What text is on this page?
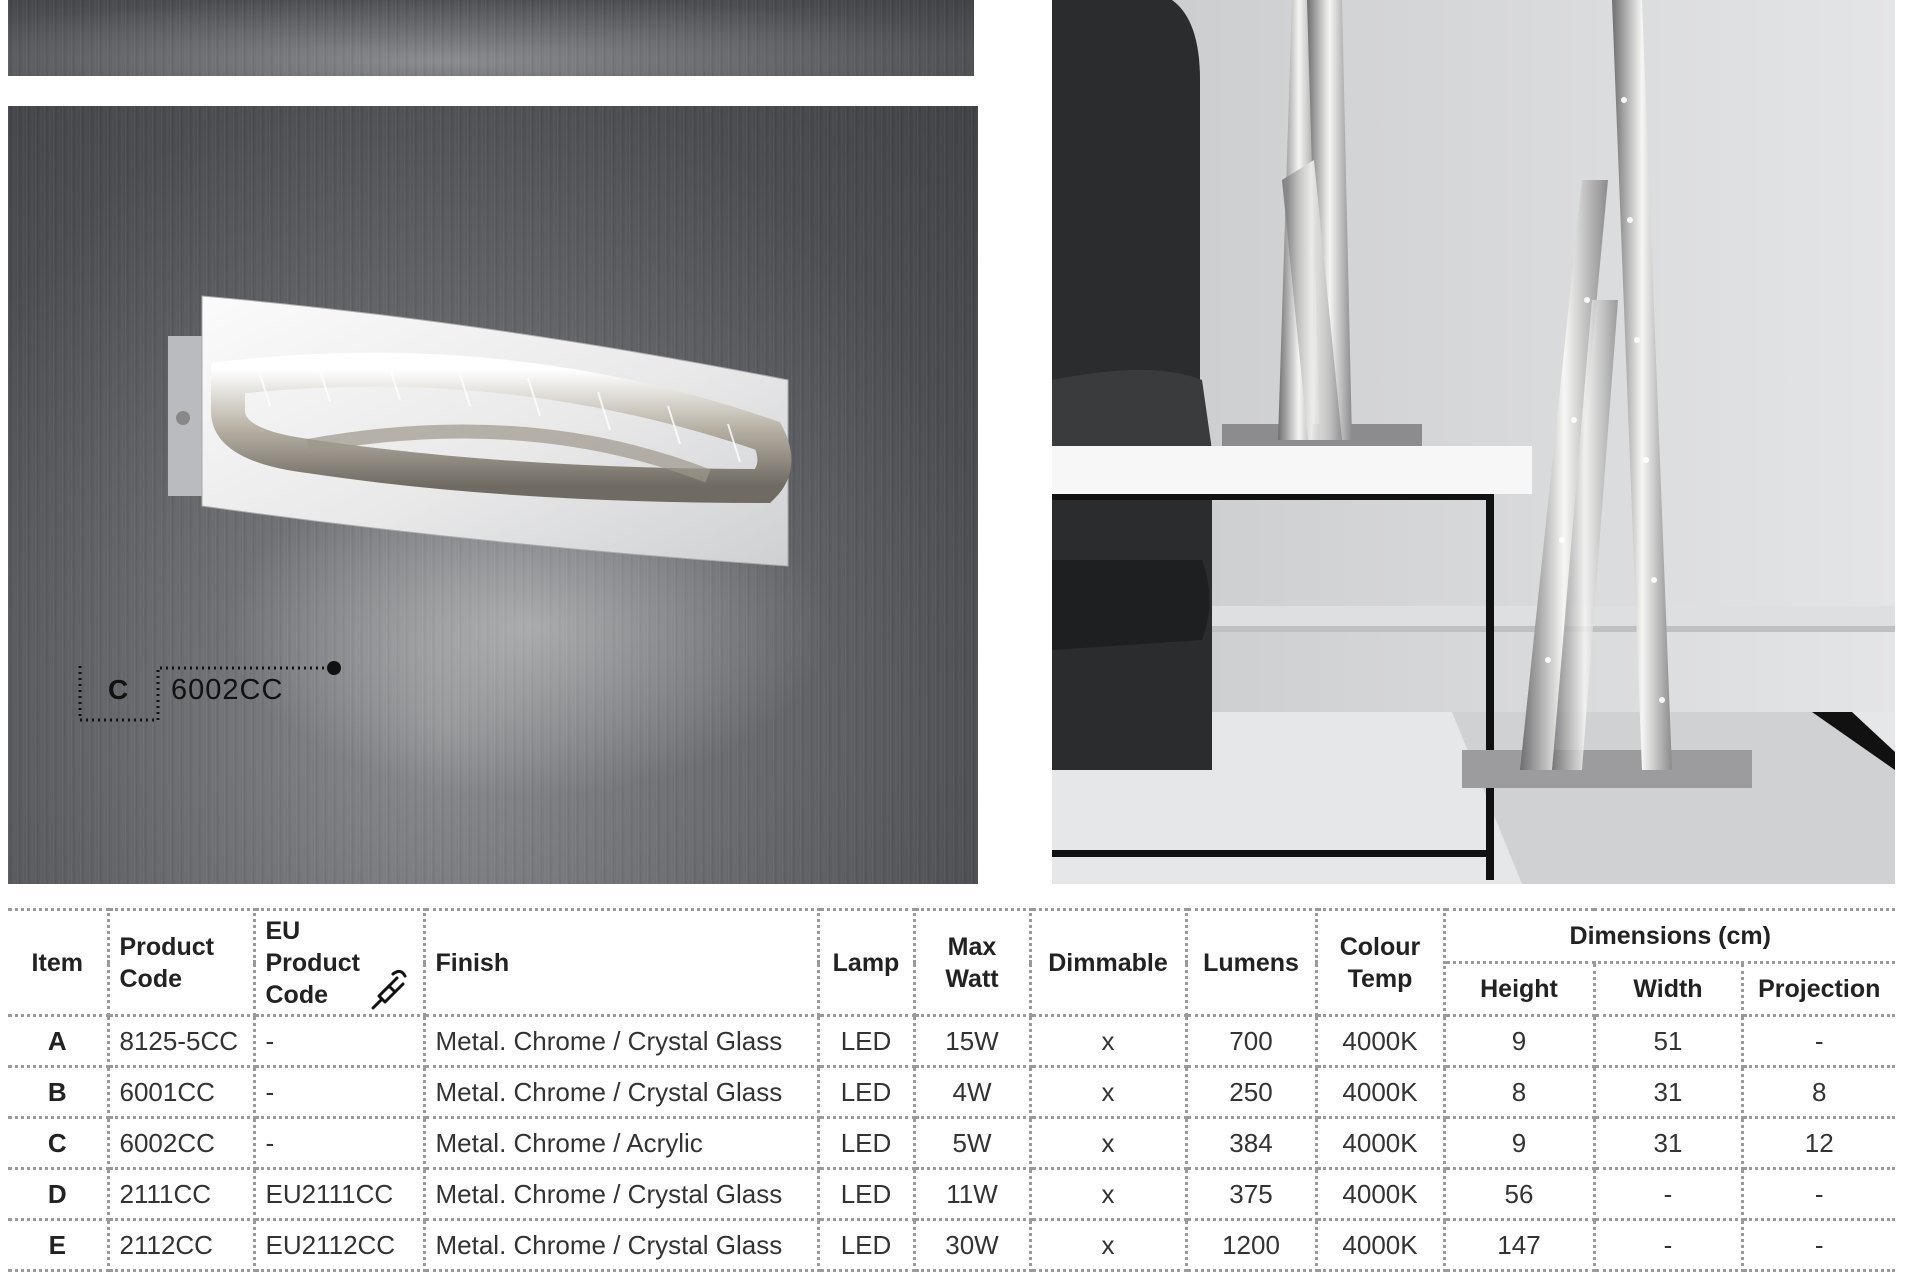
C 6002CC
Item	Product Code	EU Product Code	Finish	Lamp	Max Watt	Dimmable	Lumens	Colour Temp	Dimensions (cm)		
									Height	Width	Projection
A	8125-5CC	-	Metal. Chrome / Crystal Glass	LED	15W	x	700	4000K	9	51	-
B	6001CC	-	Metal. Chrome / Crystal Glass	LED	4W	x	250	4000K	8	31	8
C	6002CC	-	Metal. Chrome / Acrylic	LED	5W	x	384	4000K	9	31	12
D	2111CC	EU2111CC	Metal. Chrome / Crystal Glass	LED	11W	x	375	4000K	56	-	-
E	2112CC	EU2112CC	Metal. Chrome / Crystal Glass	LED	30W	x	1200	4000K	147	-	-
